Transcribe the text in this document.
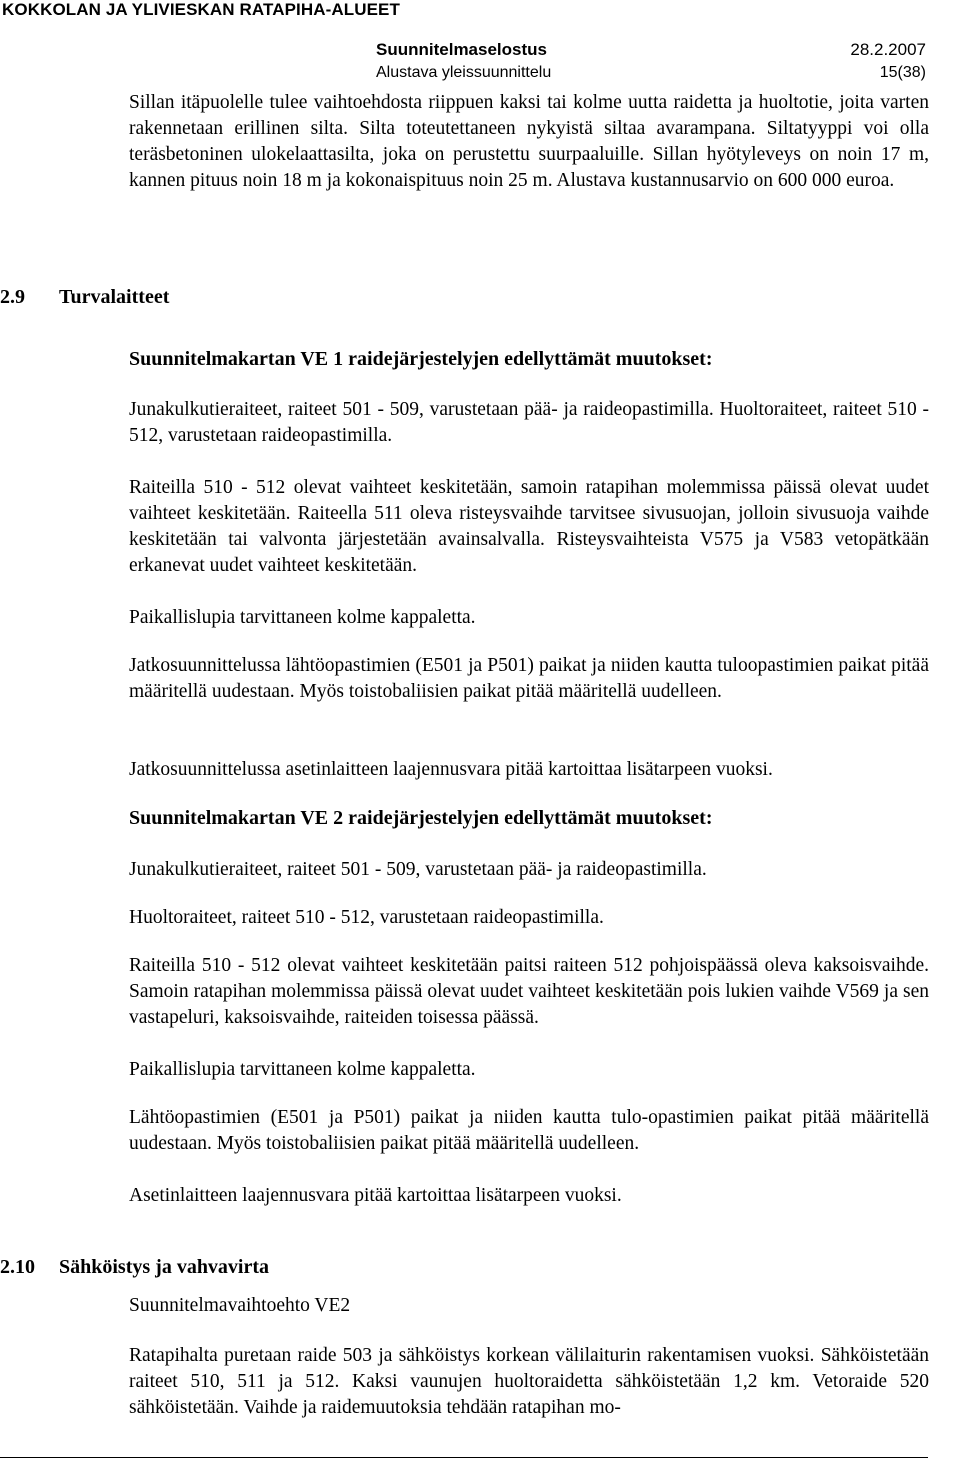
KOKKOLAN JA YLIVIESKAN RATAPIHA-ALUEET
Suunnitelmaselostus	28.2.2007
Alustava yleissuunnittelu	15(38)

Sillan itäpuolelle tulee vaihtoehdosta riippuen kaksi tai kolme uutta raidetta ja huoltotie, joita varten rakennetaan erillinen silta. Silta toteutettaneen nykyistä siltaa avarampana. Siltatyyppi voi olla teräsbetoninen ulokelaattasilta, joka on perustettu suurpaaluille. Sillan hyötyleveys on noin 17 m, kannen pituus noin 18 m ja kokonaispituus noin 25 m. Alustava kustannusarvio on 600 000 euroa.

2.9 Turvalaitteet
Suunnitelmakartan VE 1 raidejärjestelyjen edellyttämät muutokset:

Junakulkutieraiteet, raiteet 501 - 509, varustetaan pää- ja raideopastimilla. Huoltoraiteet, raiteet 510 - 512, varustetaan raideopastimilla.

Raiteilla 510 - 512 olevat vaihteet keskitetään, samoin ratapihan molemmissa päissä olevat uudet vaihteet keskitetään. Raiteella 511 oleva risteysvaihde tarvitsee sivusuojan, jolloin sivusuoja vaihde keskitetään tai valvonta järjestetään avainsalvalla. Risteysvaihteista V575 ja V583 vetopätkään erkanevat uudet vaihteet keskitetään.

Paikallislupia tarvittaneen kolme kappaletta.

Jatkosuunnittelussa lähtöopastimien (E501 ja P501) paikat ja niiden kautta tuloopastimien paikat pitää määritellä uudestaan. Myös toistobaliisien paikat pitää määritellä uudelleen.

Jatkosuunnittelussa asetinlaitteen laajennusvara pitää kartoittaa lisätarpeen vuoksi.

Suunnitelmakartan VE 2 raidejärjestelyjen edellyttämät muutokset:

Junakulkutieraiteet, raiteet 501 - 509, varustetaan pää- ja raideopastimilla.

Huoltoraiteet, raiteet 510 - 512, varustetaan raideopastimilla.

Raiteilla 510 - 512 olevat vaihteet keskitetään paitsi raiteen 512 pohjoispäässä oleva kaksoisvaihde. Samoin ratapihan molemmissa päissä olevat uudet vaihteet keskitetään pois lukien vaihde V569 ja sen vastapeluri, kaksoisvaihde, raiteiden toisessa päässä.

Paikallislupia tarvittaneen kolme kappaletta.

Lähtöopastimien (E501 ja P501) paikat ja niiden kautta tulo-opastimien paikat pitää määritellä uudestaan. Myös toistobaliisien paikat pitää määritellä uudelleen.

Asetinlaitteen laajennusvara pitää kartoittaa lisätarpeen vuoksi.

2.10 Sähköistys ja vahvavirta

Suunnitelmavaihtoehto VE2

Ratapihalta puretaan raide 503 ja sähköistys korkean välilaiturin rakentamisen vuoksi. Sähköistetään raiteet 510, 511 ja 512. Kaksi vaunujen huoltoraidetta sähköistetään 1,2 km. Vetoraide 520 sähköistetään. Vaihde ja raidemuutoksia tehdään ratapihan mo-
